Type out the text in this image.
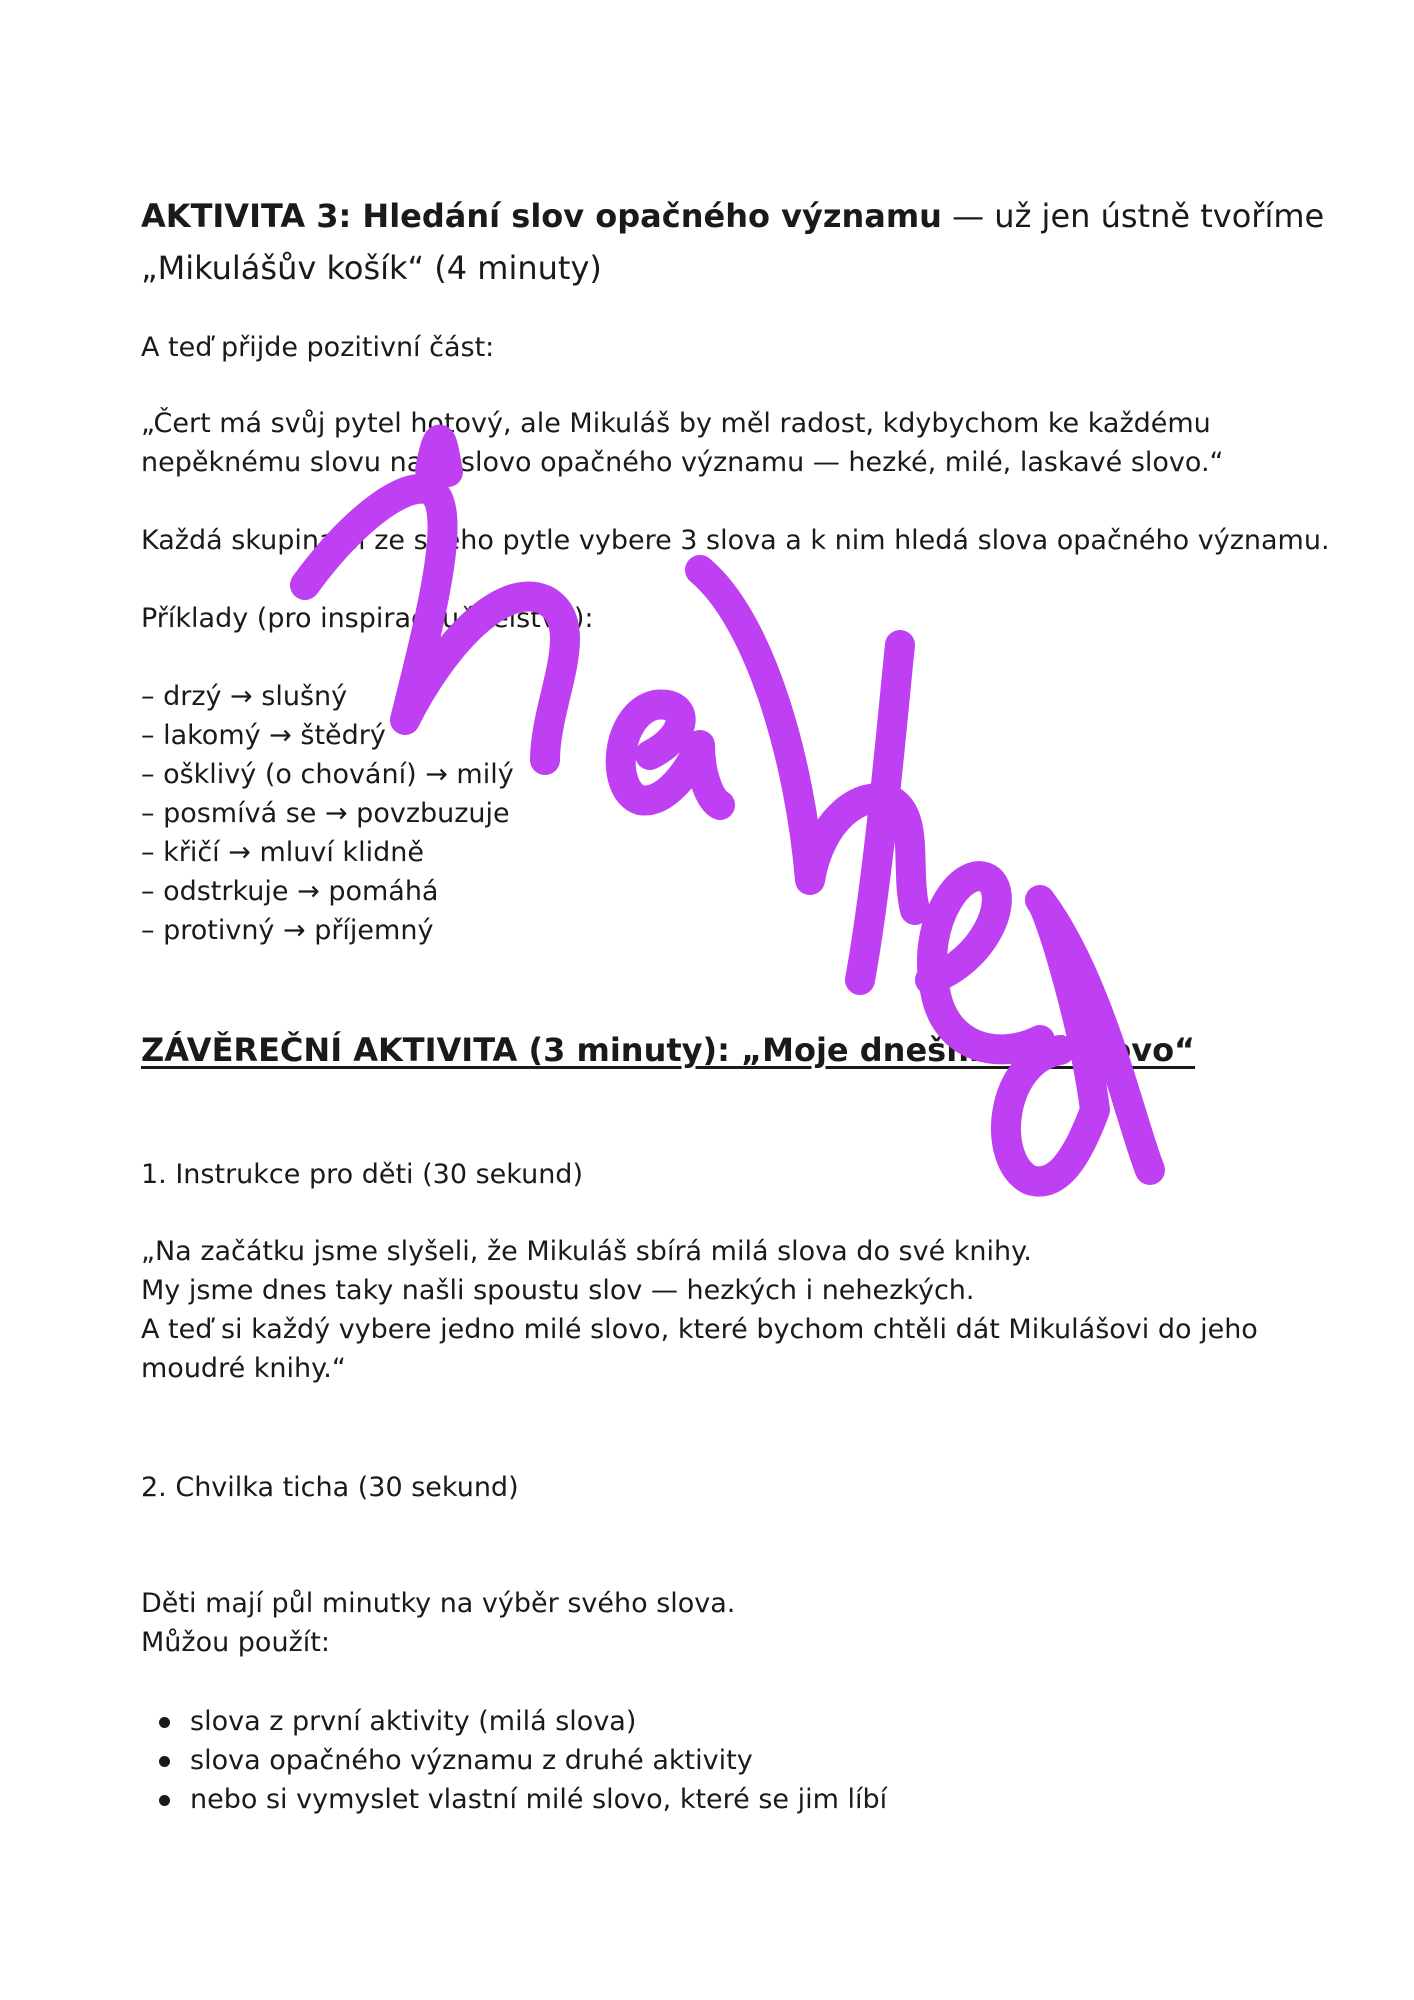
AKTIVITA 3: Hledání slov opačného významu — už jen ústně tvoříme
„Mikulášův košík“ (4 minuty)

A teď přijde pozitivní část:

„Čert má svůj pytel hotový, ale Mikuláš by měl radost, kdybychom ke každému
nepěknému slovu našli slovo opačného významu — hezké, milé, laskavé slovo.“

Každá skupina si ze svého pytle vybere 3 slova a k nim hledá slova opačného významu.

Příklady (pro inspiraci učitelstvu):

– drzý → slušný
– lakomý → štědrý
– ošklivý (o chování) → milý
– posmívá se → povzbuzuje
– křičí → mluví klidně
– odstrkuje → pomáhá
– protivný → příjemný
ZÁVĚREČNÍ AKTIVITA (3 minuty): „Moje dnešní milé slovo“

1. Instrukce pro děti (30 sekund)

„Na začátku jsme slyšeli, že Mikuláš sbírá milá slova do své knihy.
My jsme dnes taky našli spoustu slov — hezkých i nehezkých.
A teď si každý vybere jedno milé slovo, které bychom chtěli dát Mikulášovi do jeho
moudré knihy.“

2. Chvilka ticha (30 sekund)

Děti mají půl minutky na výběr svého slova.
Můžou použít:
slova z první aktivity (milá slova)
slova opačného významu z druhé aktivity
nebo si vymyslet vlastní milé slovo, které se jim líbí
